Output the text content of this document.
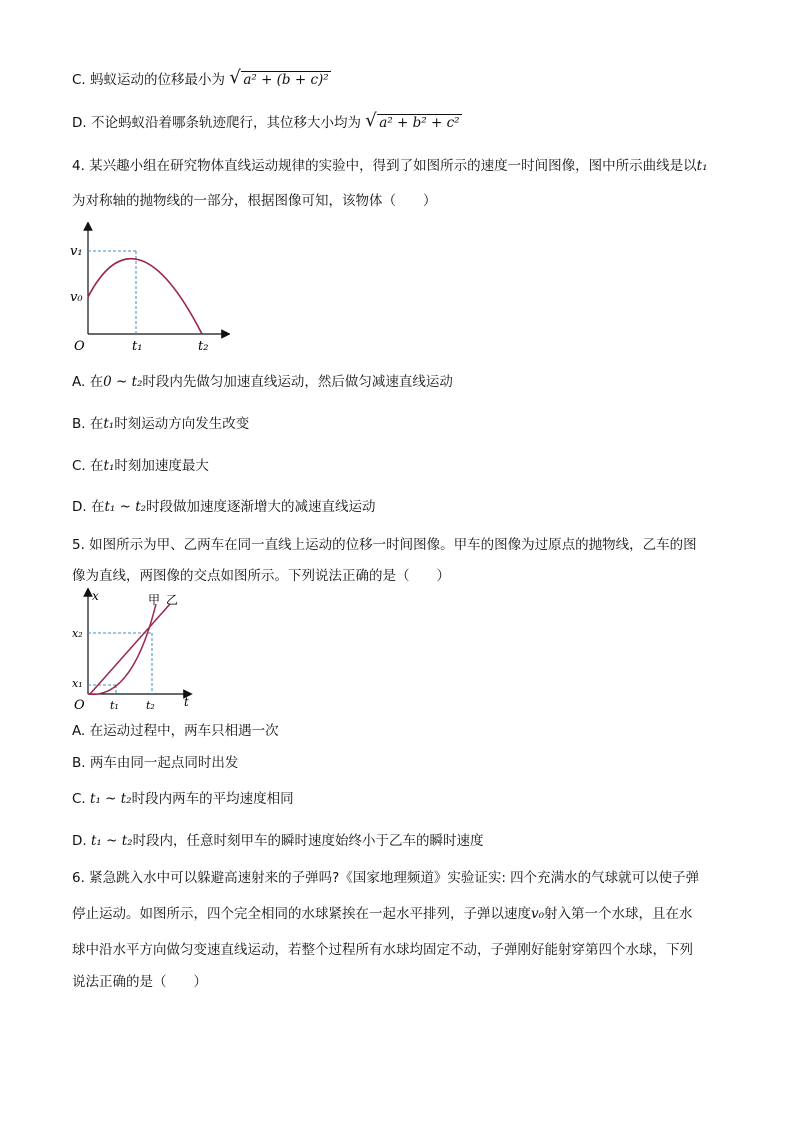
C. 蚂蚁运动的位移最小为 √ a² + (b + c)²
D. 不论蚂蚁沿着哪条轨迹爬行，其位移大小均为 √ a² + b² + c²
4. 某兴趣小组在研究物体直线运动规律的实验中，得到了如图所示的速度一时间图像，图中所示曲线是以t₁
为对称轴的抛物线的一部分，根据图像可知，该物体（　　）
v₁
v₀
O	t₁	t₂
A. 在0 ~ t₂时段内先做匀加速直线运动，然后做匀减速直线运动
B. 在t₁时刻运动方向发生改变
C. 在t₁时刻加速度最大
D. 在t₁ ~ t₂时段做加速度逐渐增大的减速直线运动
5. 如图所示为甲、乙两车在同一直线上运动的位移一时间图像。甲车的图像为过原点的抛物线，乙车的图
像为直线，两图像的交点如图所示。下列说法正确的是（　　）
x	甲 乙
x₂
x₁
O t₁ t₂ t
A. 在运动过程中，两车只相遇一次
B. 两车由同一起点同时出发
C. t₁ ~ t₂时段内两车的平均速度相同
D. t₁ ~ t₂时段内，任意时刻甲车的瞬时速度始终小于乙车的瞬时速度
6. 紧急跳入水中可以躲避高速射来的子弹吗?《国家地理频道》实验证实: 四个充满水的气球就可以使子弹
停止运动。如图所示，四个完全相同的水球紧挨在一起水平排列，子弹以速度v₀射入第一个水球，且在水
球中沿水平方向做匀变速直线运动，若整个过程所有水球均固定不动，子弹刚好能射穿第四个水球，下列
说法正确的是（　　）
